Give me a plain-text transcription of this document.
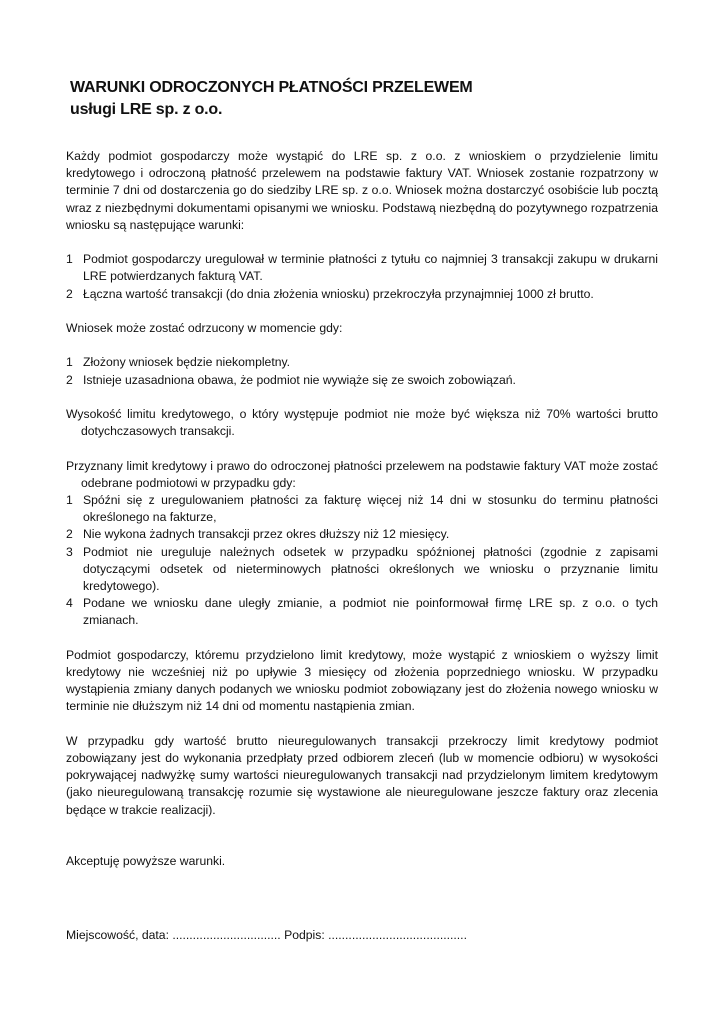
WARUNKI ODROCZONYCH PŁATNOŚCI PRZELEWEM
usługi LRE sp. z o.o.

Każdy podmiot gospodarczy może wystąpić do LRE sp. z o.o. z wnioskiem o przydzielenie limitu kredytowego i odroczoną płatność przelewem na podstawie faktury VAT. Wniosek zostanie rozpatrzony w terminie 7 dni od dostarczenia go do siedziby LRE sp. z o.o. Wniosek można dostarczyć osobiście lub pocztą wraz z niezbędnymi dokumentami opisanymi we wniosku. Podstawą niezbędną do pozytywnego rozpatrzenia wniosku są następujące warunki:

1 Podmiot gospodarczy uregulował w terminie płatności z tytułu co najmniej 3 transakcji zakupu w drukarni LRE potwierdzanych fakturą VAT.
2 Łączna wartość transakcji (do dnia złożenia wniosku) przekroczyła przynajmniej 1000 zł brutto.

Wniosek może zostać odrzucony w momencie gdy:

1 Złożony wniosek będzie niekompletny.
2 Istnieje uzasadniona obawa, że podmiot nie wywiąże się ze swoich zobowiązań.

Wysokość limitu kredytowego, o który występuje podmiot nie może być większa niż 70% wartości brutto dotychczasowych transakcji.

Przyznany limit kredytowy i prawo do odroczonej płatności przelewem na podstawie faktury VAT może zostać odebrane podmiotowi w przypadku gdy:

1 Spóźni się z uregulowaniem płatności za fakturę więcej niż 14 dni w stosunku do terminu płatności określonego na fakturze,
2 Nie wykona żadnych transakcji przez okres dłuższy niż 12 miesięcy.
3 Podmiot nie ureguluje należnych odsetek w przypadku spóźnionej płatności (zgodnie z zapisami dotyczącymi odsetek od nieterminowych płatności określonych we wniosku o przyznanie limitu kredytowego).
4 Podane we wniosku dane uległy zmianie, a podmiot nie poinformował firmę LRE sp. z o.o. o tych zmianach.

Podmiot gospodarczy, któremu przydzielono limit kredytowy, może wystąpić z wnioskiem o wyższy limit kredytowy nie wcześniej niż po upływie 3 miesięcy od złożenia poprzedniego wniosku. W przypadku wystąpienia zmiany danych podanych we wniosku podmiot zobowiązany jest do złożenia nowego wniosku w terminie nie dłuższym niż 14 dni od momentu nastąpienia zmian.

W przypadku gdy wartość brutto nieuregulowanych transakcji przekroczy limit kredytowy podmiot zobowiązany jest do wykonania przedpłaty przed odbiorem zleceń (lub w momencie odbioru) w wysokości pokrywającej nadwyżkę sumy wartości nieuregulowanych transakcji nad przydzielonym limitem kredytowym (jako nieuregulowaną transakcję rozumie się wystawione ale nieuregulowane jeszcze faktury oraz zlecenia będące w trakcie realizacji).

Akceptuję powyższe warunki.

Miejscowość, data: ................................ Podpis: .........................................
